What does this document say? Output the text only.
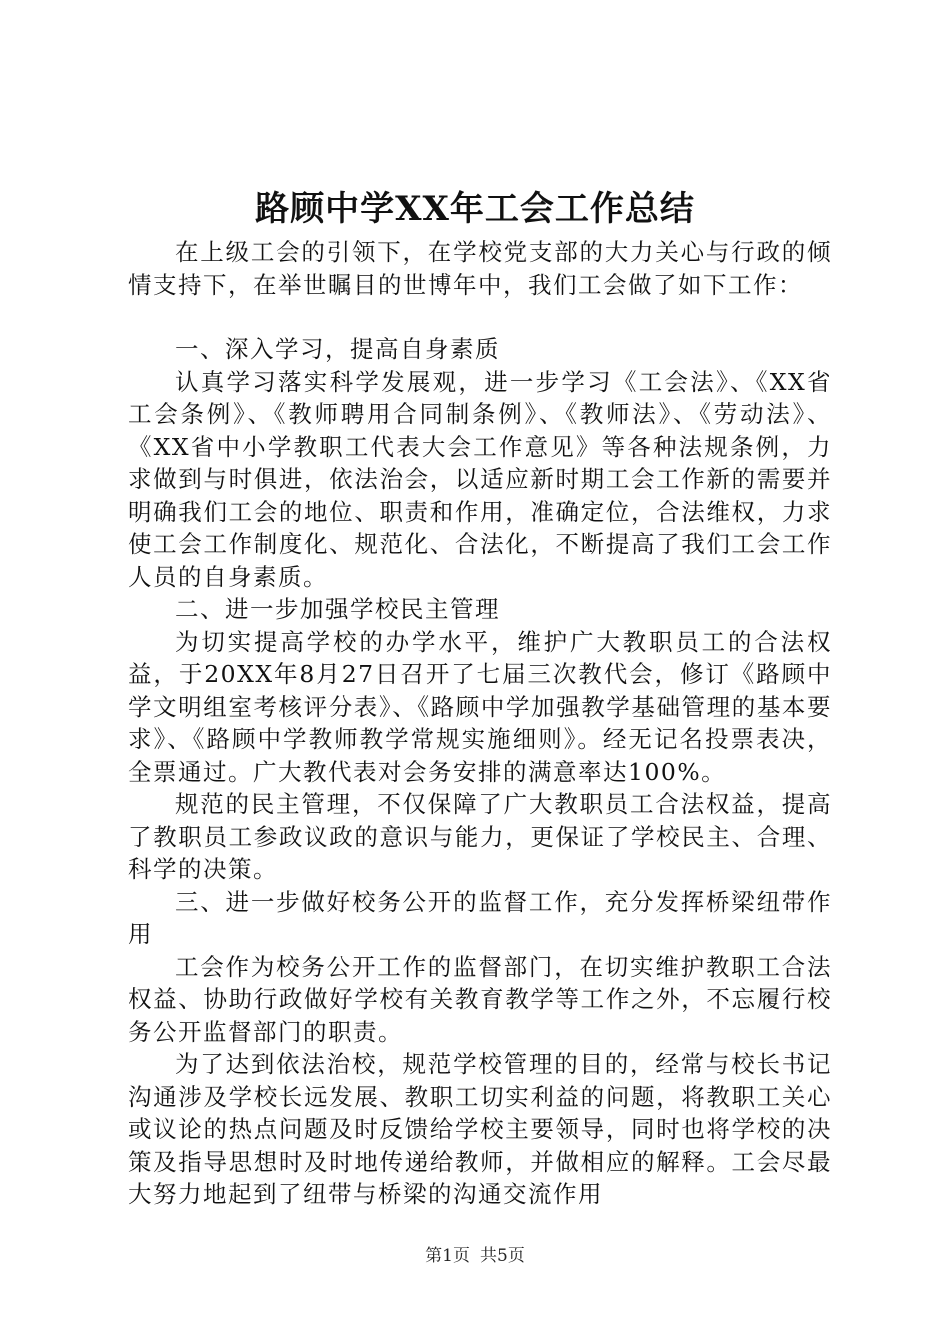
路顾中学XX年工会工作总结

在上级工会的引领下，在学校党支部的大力关心与行政的倾情支持下，在举世瞩目的世博年中，我们工会做了如下工作：

一、深入学习，提高自身素质

认真学习落实科学发展观，进一步学习《工会法》、《XX省工会条例》、《教师聘用合同制条例》、《教师法》、《劳动法》、《XX省中小学教职工代表大会工作意见》等各种法规条例，力求做到与时俱进，依法治会，以适应新时期工会工作新的需要并明确我们工会的地位、职责和作用，准确定位，合法维权，力求使工会工作制度化、规范化、合法化，不断提高了我们工会工作人员的自身素质。

二、进一步加强学校民主管理

为切实提高学校的办学水平，维护广大教职员工的合法权益，于20XX年8月27日召开了七届三次教代会，修订《路顾中学文明组室考核评分表》、《路顾中学加强教学基础管理的基本要求》、《路顾中学教师教学常规实施细则》。经无记名投票表决，全票通过。广大教代表对会务安排的满意率达100%。

规范的民主管理，不仅保障了广大教职员工合法权益，提高了教职员工参政议政的意识与能力，更保证了学校民主、合理、科学的决策。

三、进一步做好校务公开的监督工作，充分发挥桥梁纽带作用

工会作为校务公开工作的监督部门，在切实维护教职工合法权益、协助行政做好学校有关教育教学等工作之外，不忘履行校务公开监督部门的职责。

为了达到依法治校，规范学校管理的目的，经常与校长书记沟通涉及学校长远发展、教职工切实利益的问题，将教职工关心或议论的热点问题及时反馈给学校主要领导，同时也将学校的决策及指导思想时及时地传递给教师，并做相应的解释。工会尽最大努力地起到了纽带与桥梁的沟通交流作用

第1页 共5页
